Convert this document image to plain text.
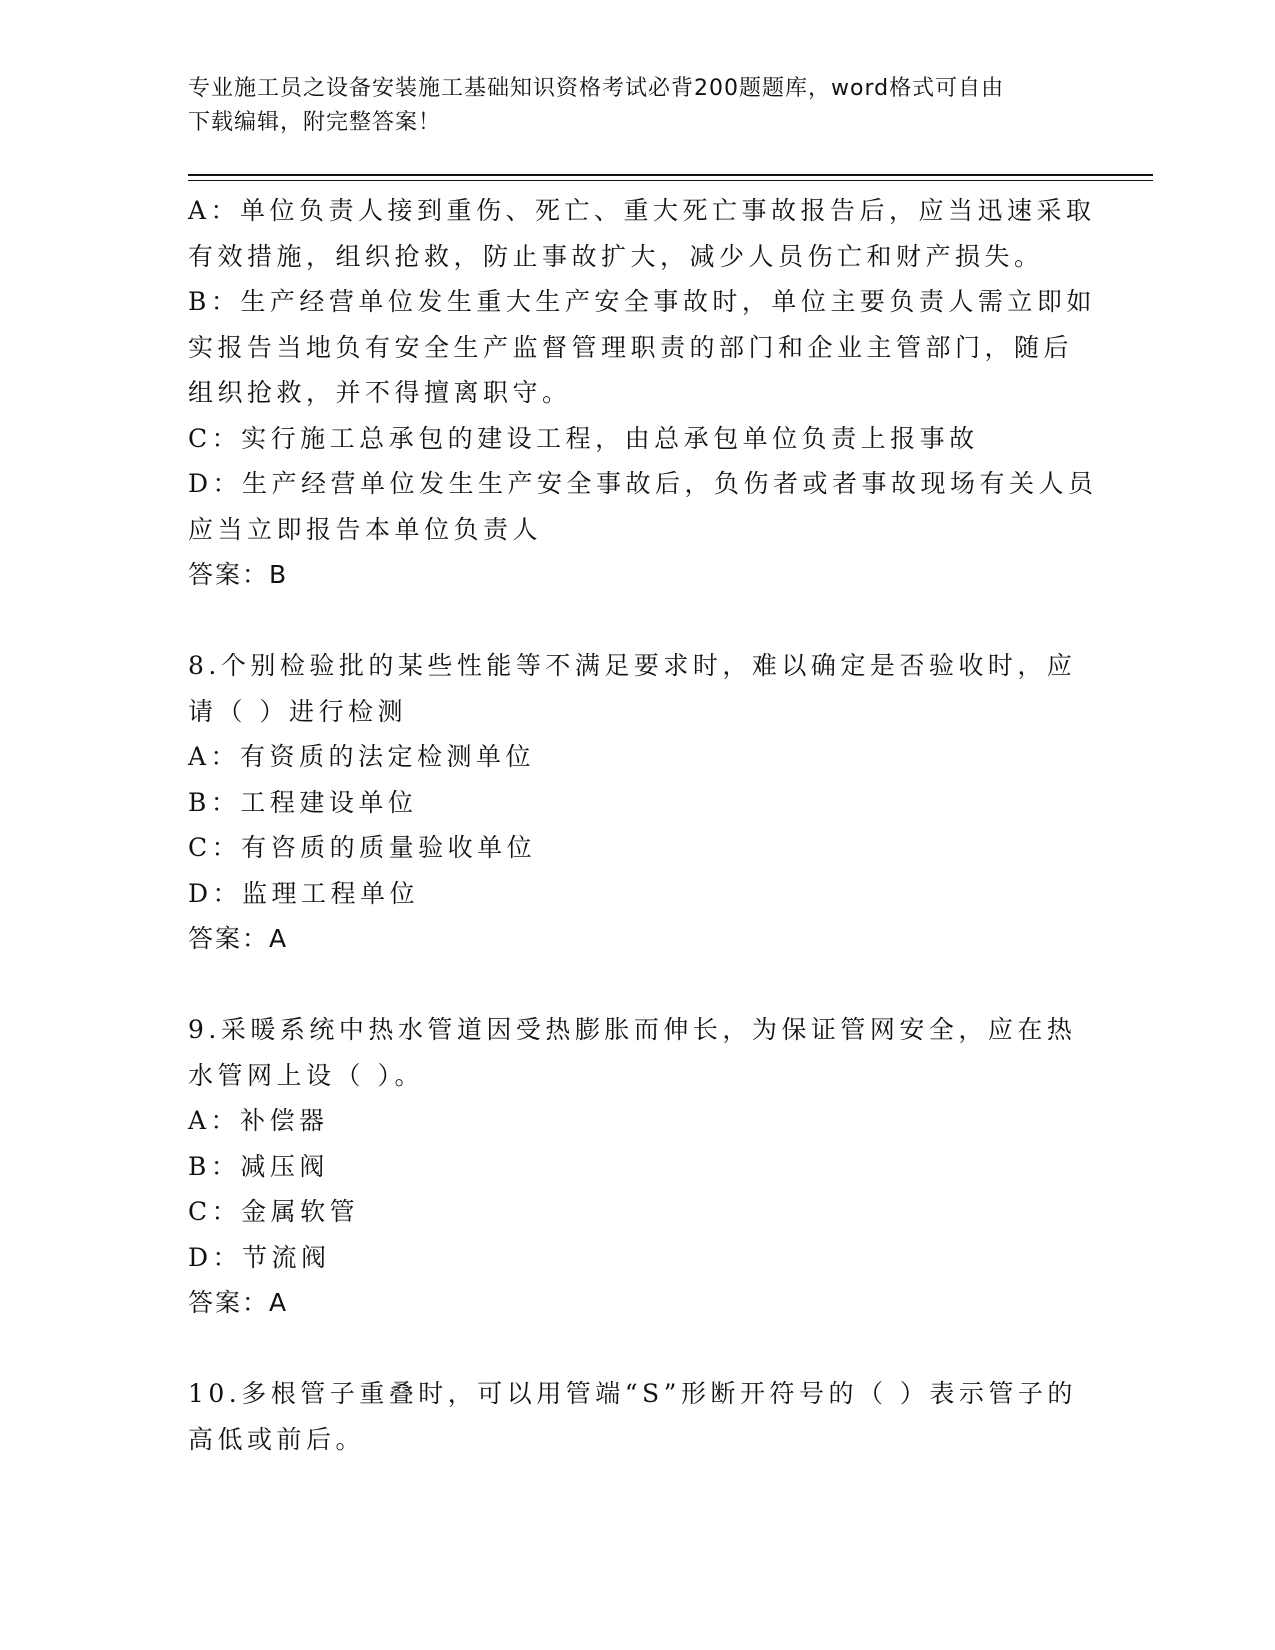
专业施工员之设备安装施工基础知识资格考试必背200题题库，word格式可自由
下载编辑，附完整答案！
A：单位负责人接到重伤、死亡、重大死亡事故报告后，应当迅速采取
有效措施，组织抢救，防止事故扩大，减少人员伤亡和财产损失。
B：生产经营单位发生重大生产安全事故时，单位主要负责人需立即如
实报告当地负有安全生产监督管理职责的部门和企业主管部门，随后
组织抢救，并不得擅离职守。
C：实行施工总承包的建设工程，由总承包单位负责上报事故
D：生产经营单位发生生产安全事故后，负伤者或者事故现场有关人员
应当立即报告本单位负责人
答案：B
8.个别检验批的某些性能等不满足要求时，难以确定是否验收时，应
请（ ）进行检测
A：有资质的法定检测单位
B：工程建设单位
C：有咨质的质量验收单位
D：监理工程单位
答案：A
9.采暖系统中热水管道因受热膨胀而伸长，为保证管网安全，应在热
水管网上设（ ）。
A：补偿器
B：减压阀
C：金属软管
D：节流阀
答案：A
10.多根管子重叠时，可以用管端“S”形断开符号的（ ）表示管子的
高低或前后。
